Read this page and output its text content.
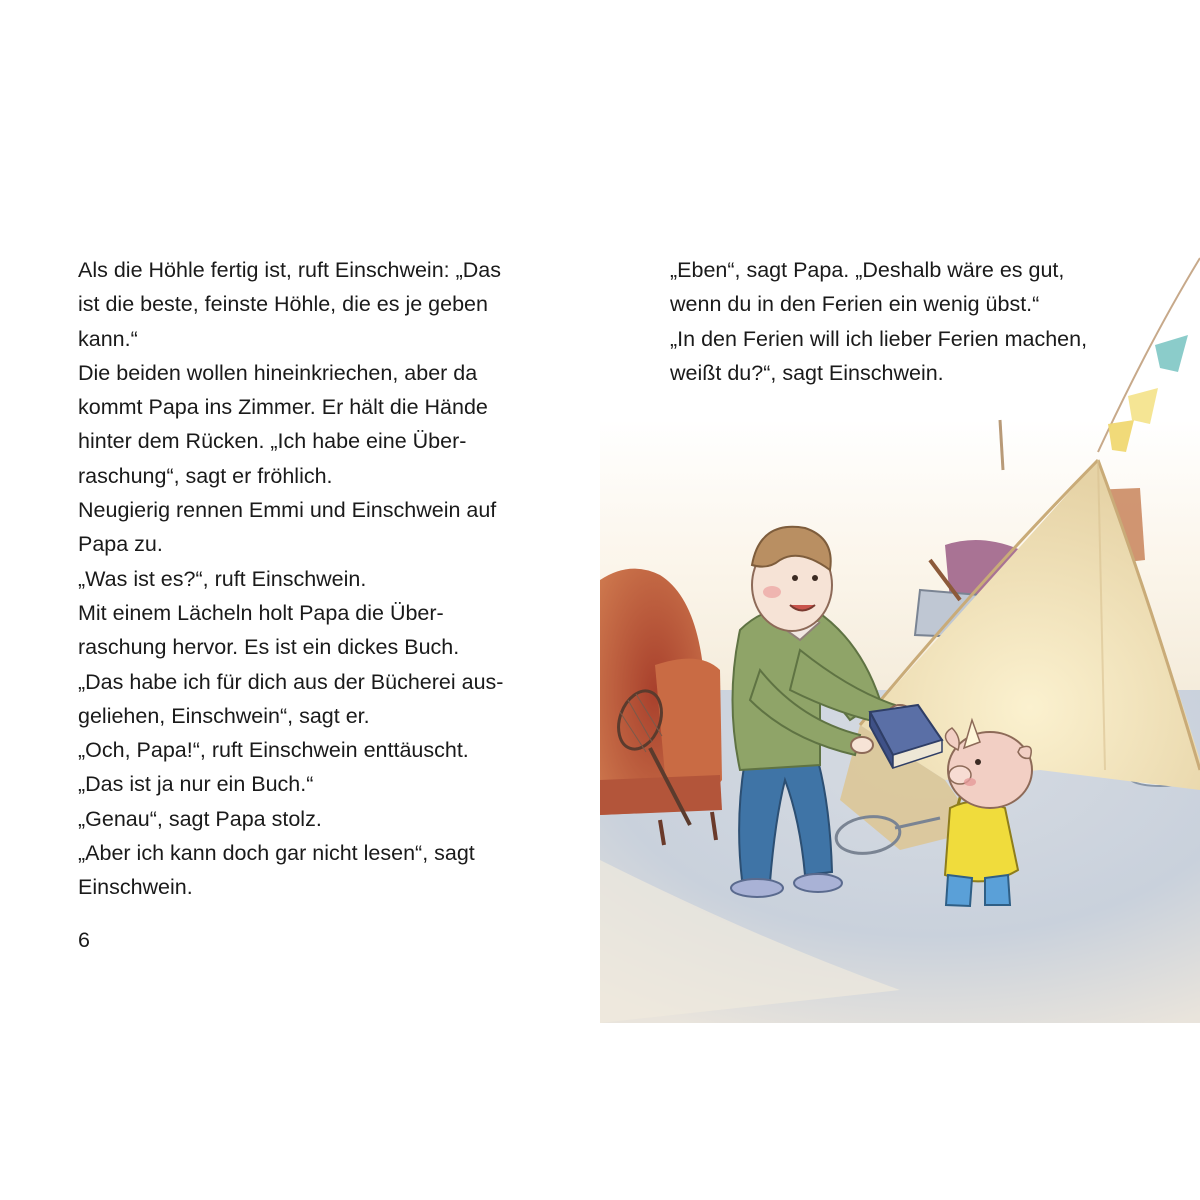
Als die Höhle fertig ist, ruft Einschwein: „Das
ist die beste, feinste Höhle, die es je geben
kann.“
Die beiden wollen hineinkriechen, aber da
kommt Papa ins Zimmer. Er hält die Hände
hinter dem Rücken. „Ich habe eine Über-
raschung“, sagt er fröhlich.
Neugierig rennen Emmi und Einschwein auf
Papa zu.
„Was ist es?“, ruft Einschwein.
Mit einem Lächeln holt Papa die Über-
raschung hervor. Es ist ein dickes Buch.
„Das habe ich für dich aus der Bücherei aus-
geliehen, Einschwein“, sagt er.
„Och, Papa!“, ruft Einschwein enttäuscht.
„Das ist ja nur ein Buch.“
„Genau“, sagt Papa stolz.
„Aber ich kann doch gar nicht lesen“, sagt
Einschwein.
6
„Eben“, sagt Papa. „Deshalb wäre es gut,
wenn du in den Ferien ein wenig übst.“
„In den Ferien will ich lieber Ferien machen,
weißt du?“, sagt Einschwein.
